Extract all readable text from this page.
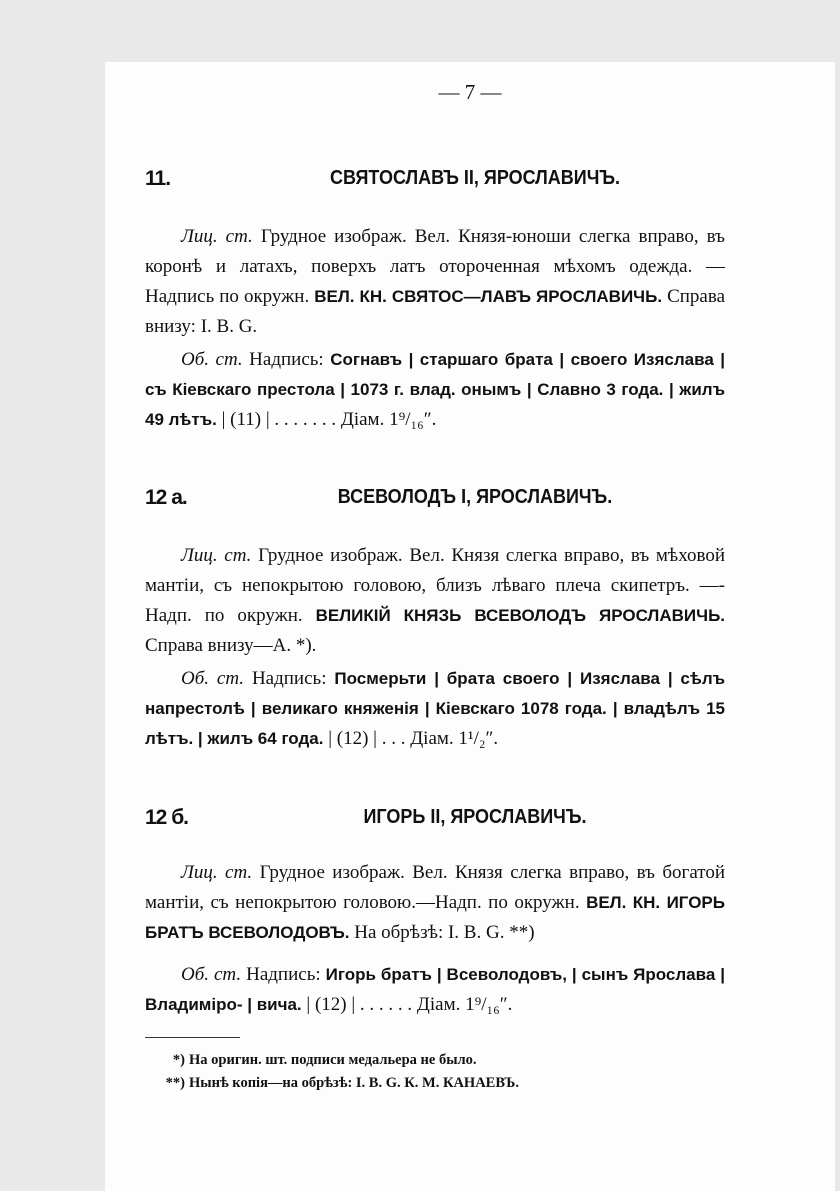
— 7 —
11.	СВЯТОСЛАВЪ II, ЯРОСЛАВИЧЪ.

Лиц. ст. Грудное изображ. Вел. Князя-юноши слегка вправо, въ коронѣ и латахъ, поверхъ латъ отороченная мѣхомъ одежда. — Надпись по окружн. ВЕЛ. КН. СВЯТОС—ЛАВЪ ЯРОСЛАВИЧЬ. Справа внизу: I. B. G.

Об. ст. Надпись: Согнавъ | старшаго брата | своего Изяслава | съ Кіевскаго престола | 1073 г. влад. онымъ | Славно 3 года. | жилъ 49 лѣтъ. | (11) | . . . . . . . Діам. 1⁹/₁₆″.

12 а.	ВСЕВОЛОДЪ I, ЯРОСЛАВИЧЪ.

Лиц. ст. Грудное изображ. Вел. Князя слегка вправо, въ мѣховой мантіи, съ непокрытою головою, близъ лѣваго плеча скипетръ. —- Надп. по окружн. ВЕЛИКІЙ КНЯЗЬ ВСЕВОЛОДЪ ЯРОСЛАВИЧЬ. Справа внизу—А. *).

Об. ст. Надпись: Посмерьти | брата своего | Изяслава | сѣлъ напрестолѣ | великаго княженія | Кіевскаго 1078 года. | владѣлъ 15 лѣтъ. | жилъ 64 года. | (12) | . . . Діам. 1¹/₂″.

12 б.	ИГОРЬ II, ЯРОСЛАВИЧЪ.

Лиц. ст. Грудное изображ. Вел. Князя слегка вправо, въ богатой мантіи, съ непокрытою головою.—Надп. по окружн. ВЕЛ. КН. ИГОРЬ БРАТЪ ВСЕВОЛОДОВЪ. На обрѣзѣ: I. B. G. **)

Об. ст. Надпись: Игорь братъ | Всеволодовъ, | сынъ Ярослава | Владиміро- | вича. | (12) | . . . . . . Діам. 1⁹/₁₆″.

*) На оригин. шт. подписи медальера не было.
**) Нынѣ копія—на обрѣзѣ: I. B. G. К. М. КАНАЕВЪ.
